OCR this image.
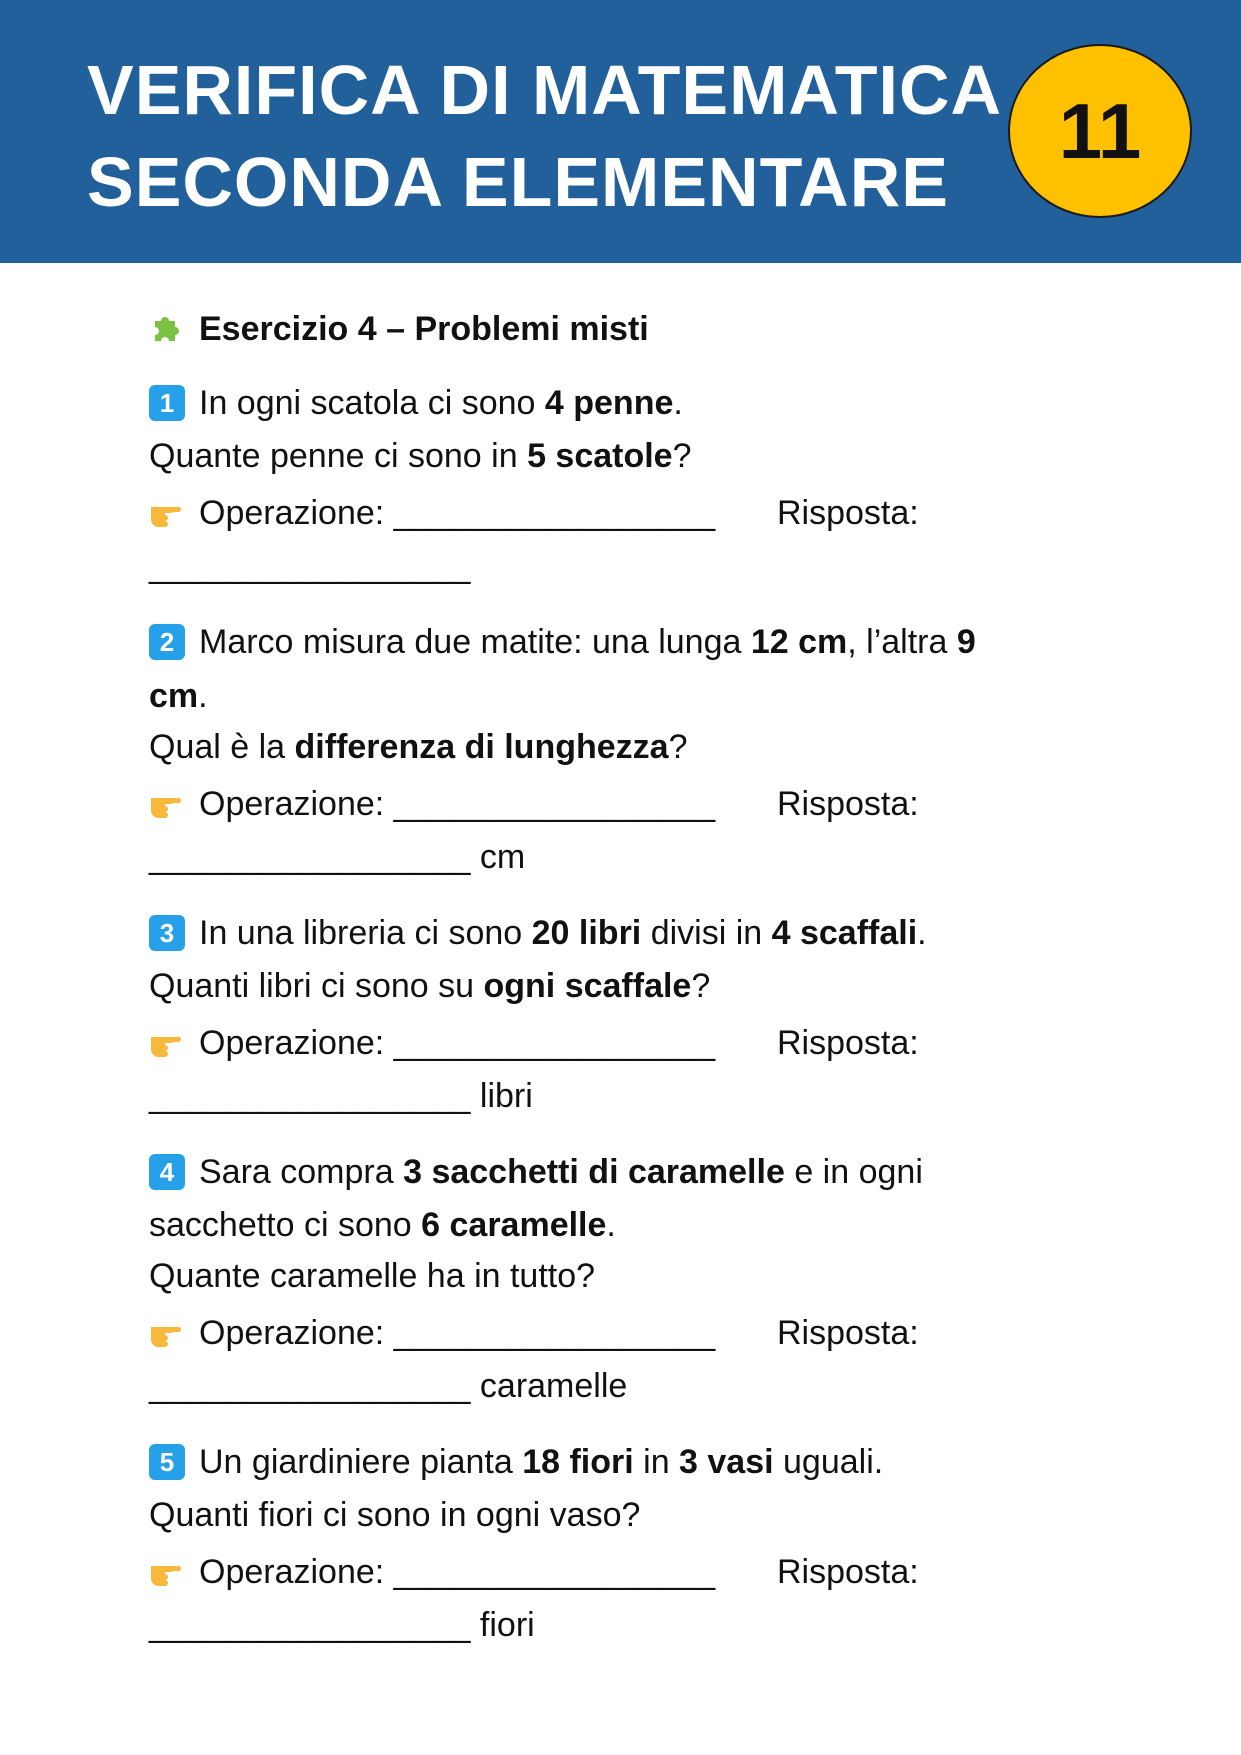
VERIFICA DI MATEMATICA
SECONDA ELEMENTARE
11
Esercizio 4 – Problemi misti
1 In ogni scatola ci sono 4 penne.
Quante penne ci sono in 5 scatole?
Operazione: _________________ Risposta:
_________________
2 Marco misura due matite: una lunga 12 cm, l’altra 9
cm.
Qual è la differenza di lunghezza?
Operazione: _________________ Risposta:
_________________ cm
3 In una libreria ci sono 20 libri divisi in 4 scaffali.
Quanti libri ci sono su ogni scaffale?
Operazione: _________________ Risposta:
_________________ libri
4 Sara compra 3 sacchetti di caramelle e in ogni
sacchetto ci sono 6 caramelle.
Quante caramelle ha in tutto?
Operazione: _________________ Risposta:
_________________ caramelle
5 Un giardiniere pianta 18 fiori in 3 vasi uguali.
Quanti fiori ci sono in ogni vaso?
Operazione: _________________ Risposta:
_________________ fiori
